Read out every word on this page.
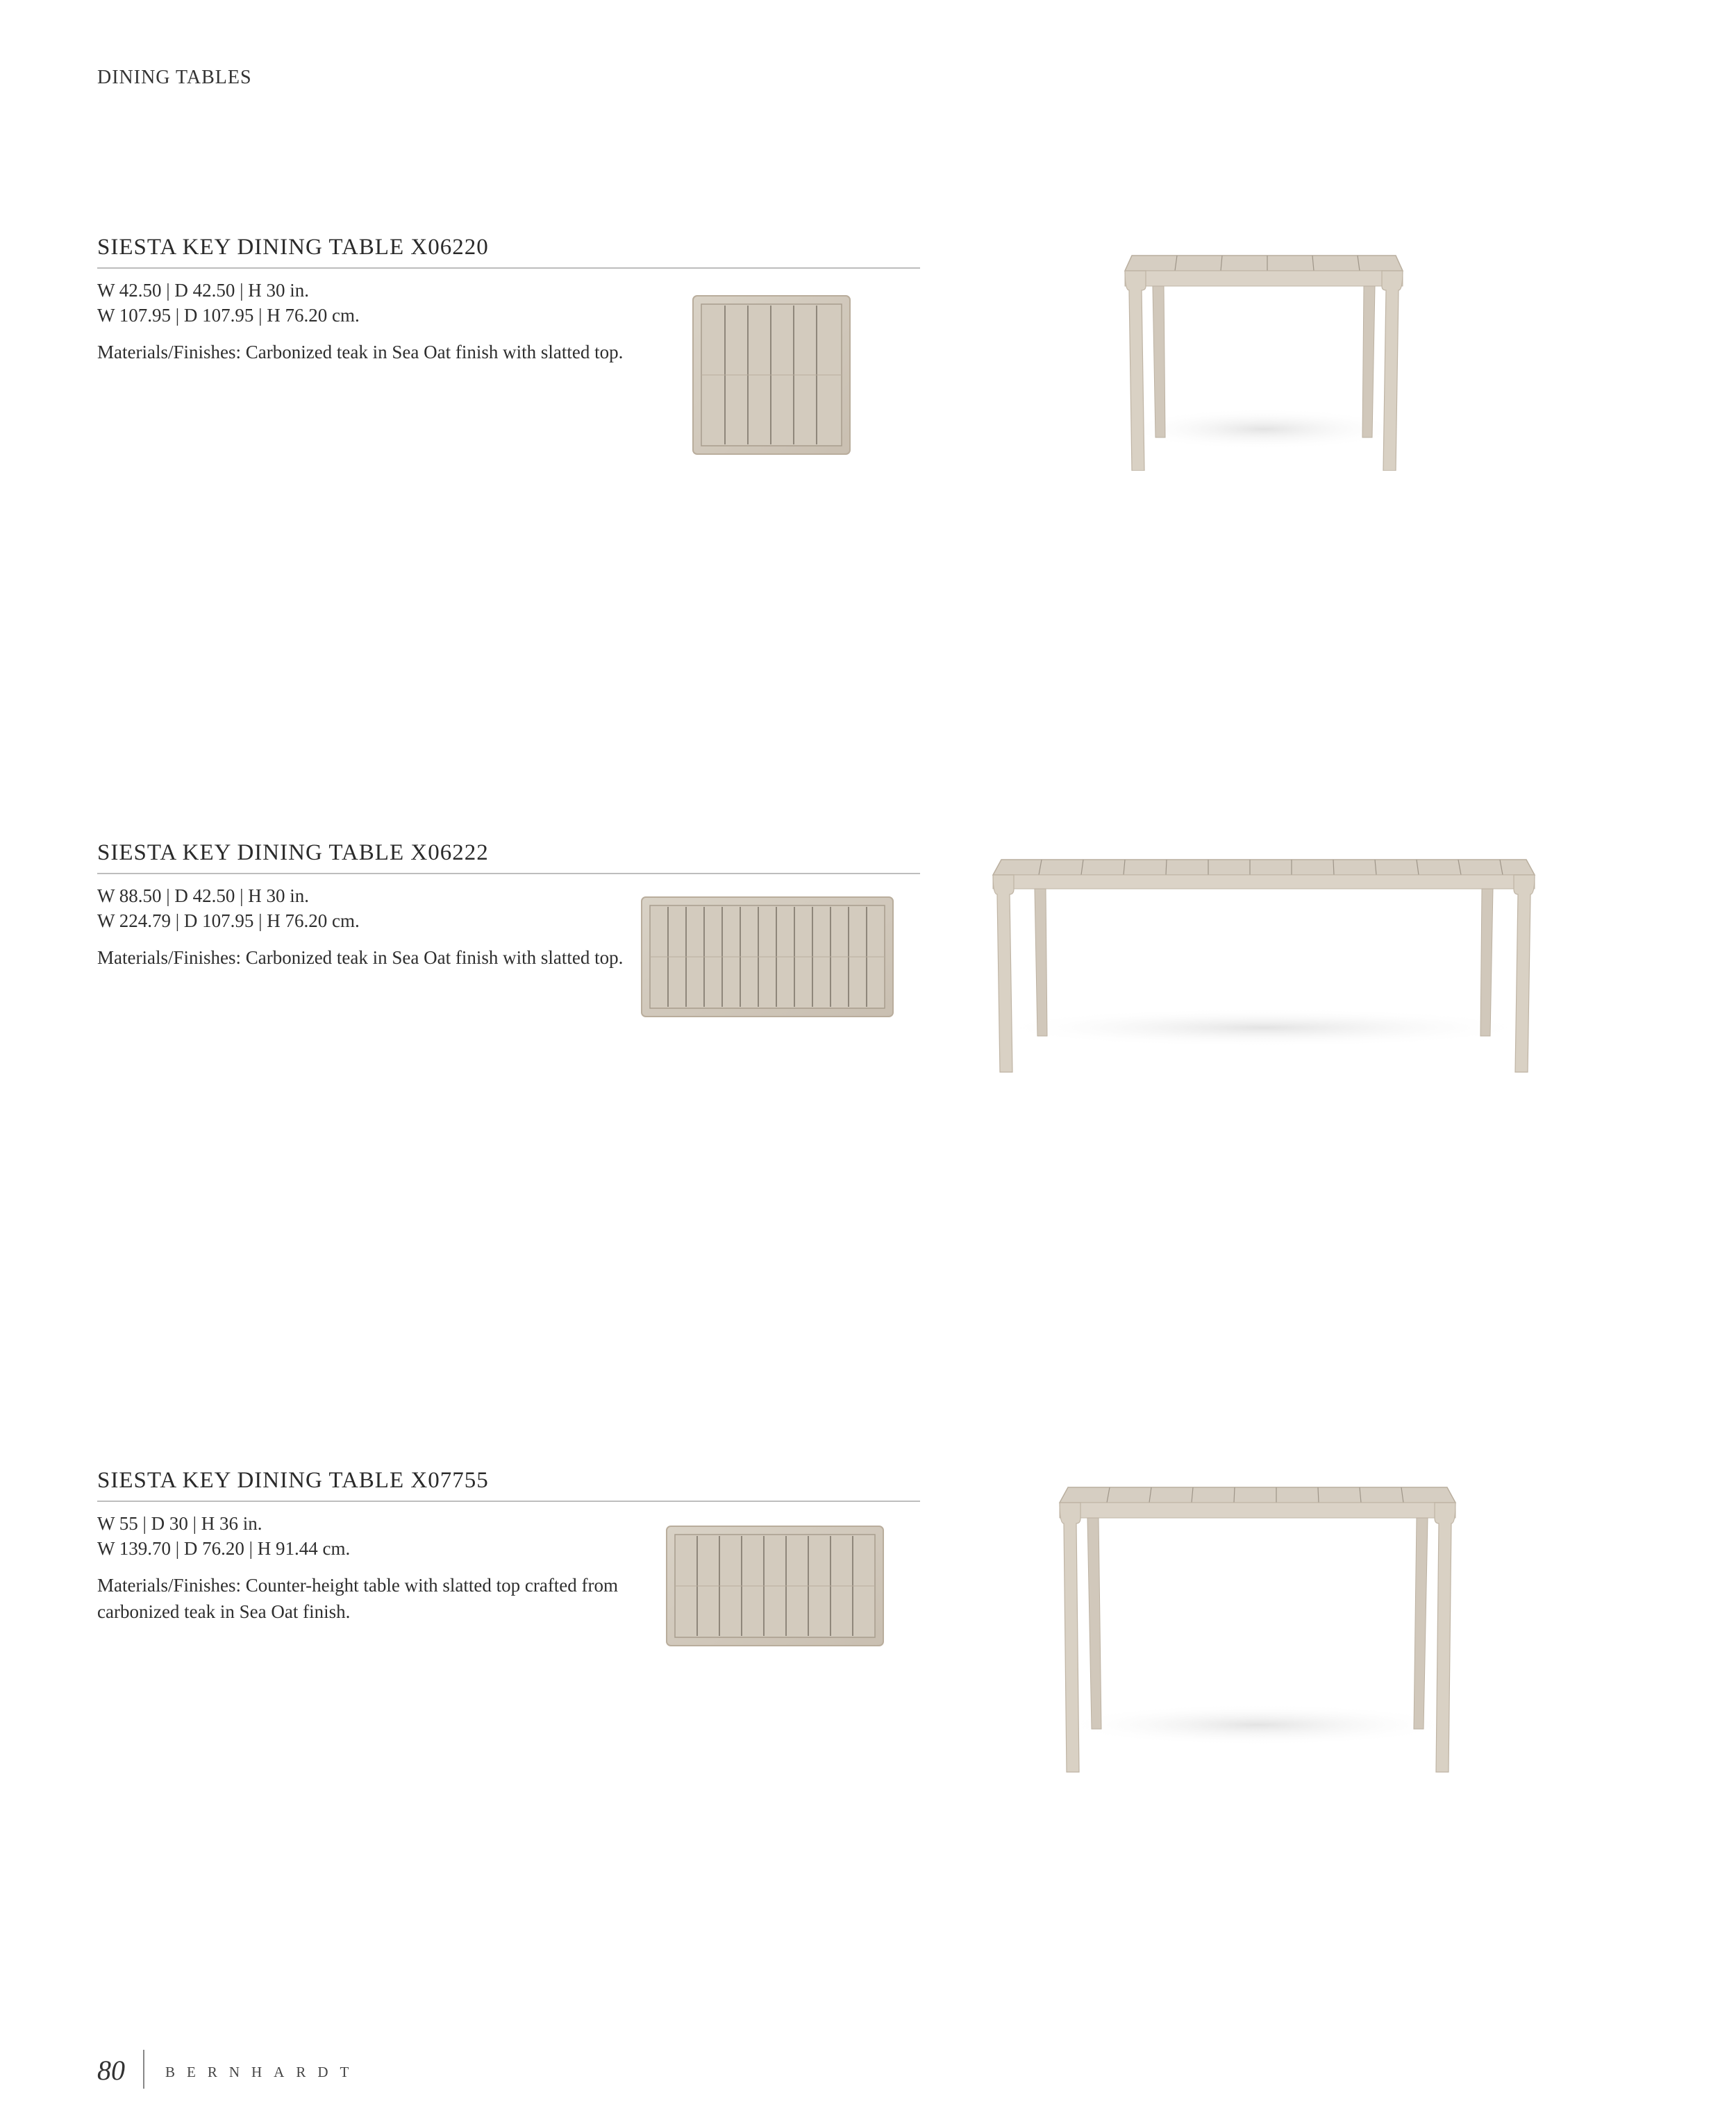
DINING TABLES
SIESTA KEY DINING TABLE X06220
W 42.50 | D 42.50 | H 30 in.
W 107.95 | D 107.95 | H 76.20 cm.
Materials/Finishes: Carbonized teak in Sea Oat finish with slatted top.
SIESTA KEY DINING TABLE X06222
W 88.50 | D 42.50 | H 30 in.
W 224.79 | D 107.95 | H 76.20 cm.
Materials/Finishes: Carbonized teak in Sea Oat finish with slatted top.
SIESTA KEY DINING TABLE X07755
W 55 | D 30 | H 36 in.
W 139.70 | D 76.20 | H 91.44 cm.
Materials/Finishes: Counter-height table with slatted top crafted from carbonized teak in Sea Oat finish.
80	BERNHARDT
